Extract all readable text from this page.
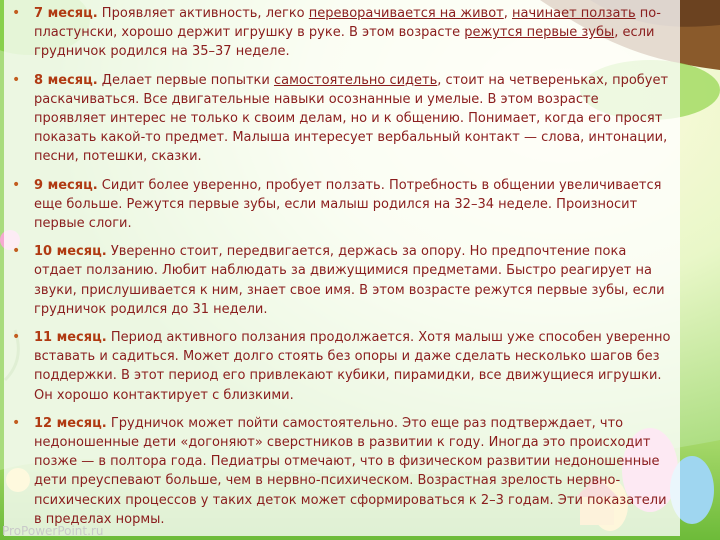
• 7 месяц. Проявляет активность, легко переворачивается на живот, начинает ползать по-пластунски, хорошо держит игрушку в руке. В этом возрасте режутся первые зубы, если грудничок родился на 35–37 неделе.
• 8 месяц. Делает первые попытки самостоятельно сидеть, стоит на четвереньках, пробует раскачиваться. Все двигательные навыки осознанные и умелые. В этом возрасте проявляет интерес не только к своим делам, но и к общению. Понимает, когда его просят показать какой-то предмет. Малыша интересует вербальный контакт — слова, интонации, песни, потешки, сказки.
• 9 месяц. Сидит более уверенно, пробует ползать. Потребность в общении увеличивается еще больше. Режутся первые зубы, если малыш родился на 32–34 неделе. Произносит первые слоги.
• 10 месяц. Уверенно стоит, передвигается, держась за опору. Но предпочтение пока отдает ползанию. Любит наблюдать за движущимися предметами. Быстро реагирует на звуки, прислушивается к ним, знает свое имя. В этом возрасте режутся первые зубы, если грудничок родился до 31 недели.
• 11 месяц. Период активного ползания продолжается. Хотя малыш уже способен уверенно вставать и садиться. Может долго стоять без опоры и даже сделать несколько шагов без поддержки. В этот период его привлекают кубики, пирамидки, все движущиеся игрушки. Он хорошо контактирует с близкими.
• 12 месяц. Грудничок может пойти самостоятельно. Это еще раз подтверждает, что недоношенные дети «догоняют» сверстников в развитии к году. Иногда это происходит позже — в полтора года. Педиатры отмечают, что в физическом развитии недоношенные дети преуспевают больше, чем в нервно-психическом. Возрастная зрелость нервно-психических процессов у таких деток может сформироваться к 2–3 годам. Эти показатели в пределах нормы.
ProPowerPoint.ru
